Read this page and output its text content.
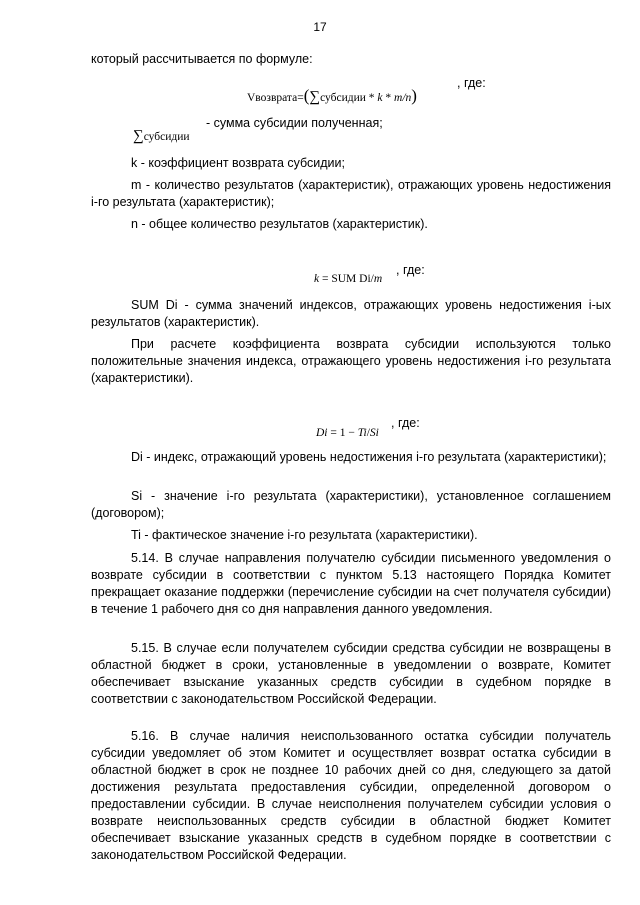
17
который рассчитывается по формуле:
Vвозврата=(∑субсидии * k * m/n)
, где:
∑субсидии
- сумма субсидии полученная;
k - коэффициент возврата субсидии;
m - количество результатов (характеристик), отражающих уровень недостижения i-го результата (характеристик);
n - общее количество результатов (характеристик).
k = SUM Di/m
, где:
SUM Di - сумма значений индексов, отражающих уровень недостижения i-ых результатов (характеристик).
При расчете коэффициента возврата субсидии используются только положительные значения индекса, отражающего уровень недостижения i-го результата (характеристики).
Di = 1 − Ti/Si
, где:
Di - индекс, отражающий уровень недостижения i-го результата (характеристики);
Si - значение i-го результата (характеристики), установленное соглашением (договором);
Ti - фактическое значение i-го результата (характеристики).
5.14. В случае направления получателю субсидии письменного уведомления о возврате субсидии в соответствии с пунктом 5.13 настоящего Порядка Комитет прекращает оказание поддержки (перечисление субсидии на счет получателя субсидии) в течение 1 рабочего дня со дня направления данного уведомления.
5.15. В случае если получателем субсидии средства субсидии не возвращены в областной бюджет в сроки, установленные в уведомлении о возврате, Комитет обеспечивает взыскание указанных средств субсидии в судебном порядке в соответствии с законодательством Российской Федерации.
5.16. В случае наличия неиспользованного остатка субсидии получатель субсидии уведомляет об этом Комитет и осуществляет возврат остатка субсидии в областной бюджет в срок не позднее 10 рабочих дней со дня, следующего за датой достижения результата предоставления субсидии, определенной договором о предоставлении субсидии. В случае неисполнения получателем субсидии условия о возврате неиспользованных средств субсидии в областной бюджет Комитет обеспечивает взыскание указанных средств в судебном порядке в соответствии с законодательством Российской Федерации.
